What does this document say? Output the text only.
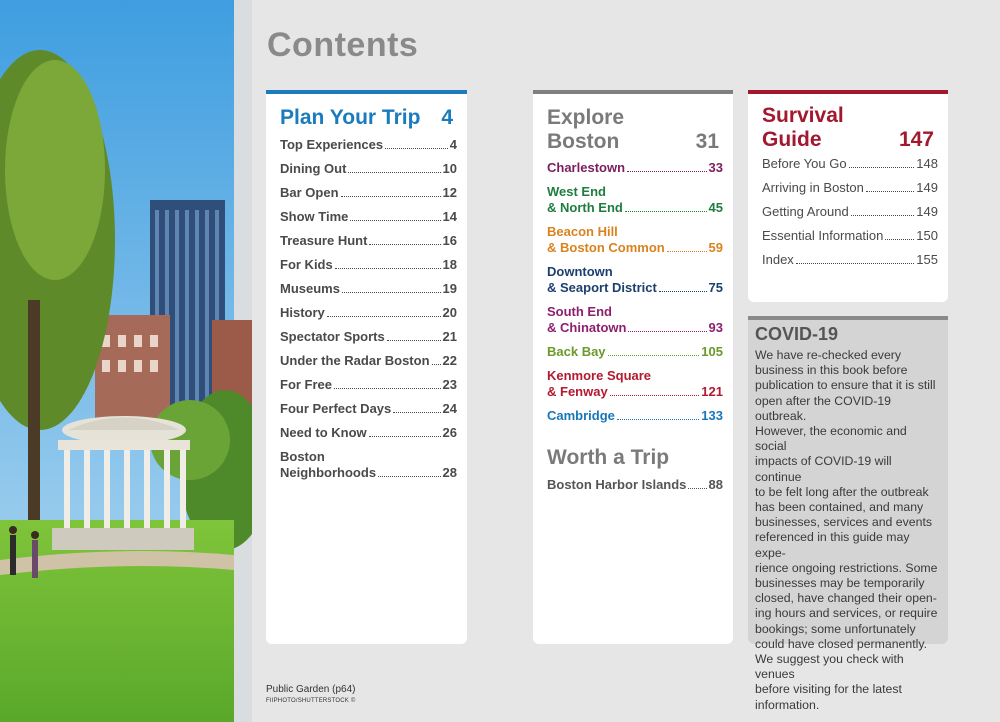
Contents
Plan Your Trip 4
Top Experiences	4
Dining Out	10
Bar Open	12
Show Time	14
Treasure Hunt	16
For Kids	18
Museums	19
History	20
Spectator Sports	21
Under the Radar Boston 22
For Free	23
Four Perfect Days	24
Need to Know	26
Boston
Neighborhoods	28
Explore
Boston	31
Charlestown	33
West End
& North End	45
Beacon Hill
& Boston Common	59
Downtown
& Seaport District	75
South End
& Chinatown	93
Back Bay	105
Kenmore Square
& Fenway	121
Cambridge	133
Worth a Trip
Boston Harbor Islands 88
Survival
Guide	147
Before You Go	148
Arriving in Boston	149
Getting Around	149
Essential Information	150
Index	155
COVID-19

We have re-checked every
business in this book before
publication to ensure that it is still
open after the COVID-19 outbreak.
However, the economic and social
impacts of COVID-19 will continue
to be felt long after the outbreak
has been contained, and many
businesses, services and events
referenced in this guide may expe-
rience ongoing restrictions. Some
businesses may be temporarily
closed, have changed their open-
ing hours and services, or require
bookings; some unfortunately
could have closed permanently.
We suggest you check with venues
before visiting for the latest
information.

Public Garden (p64)
FIIPHOTO/SHUTTERSTOCK ©
